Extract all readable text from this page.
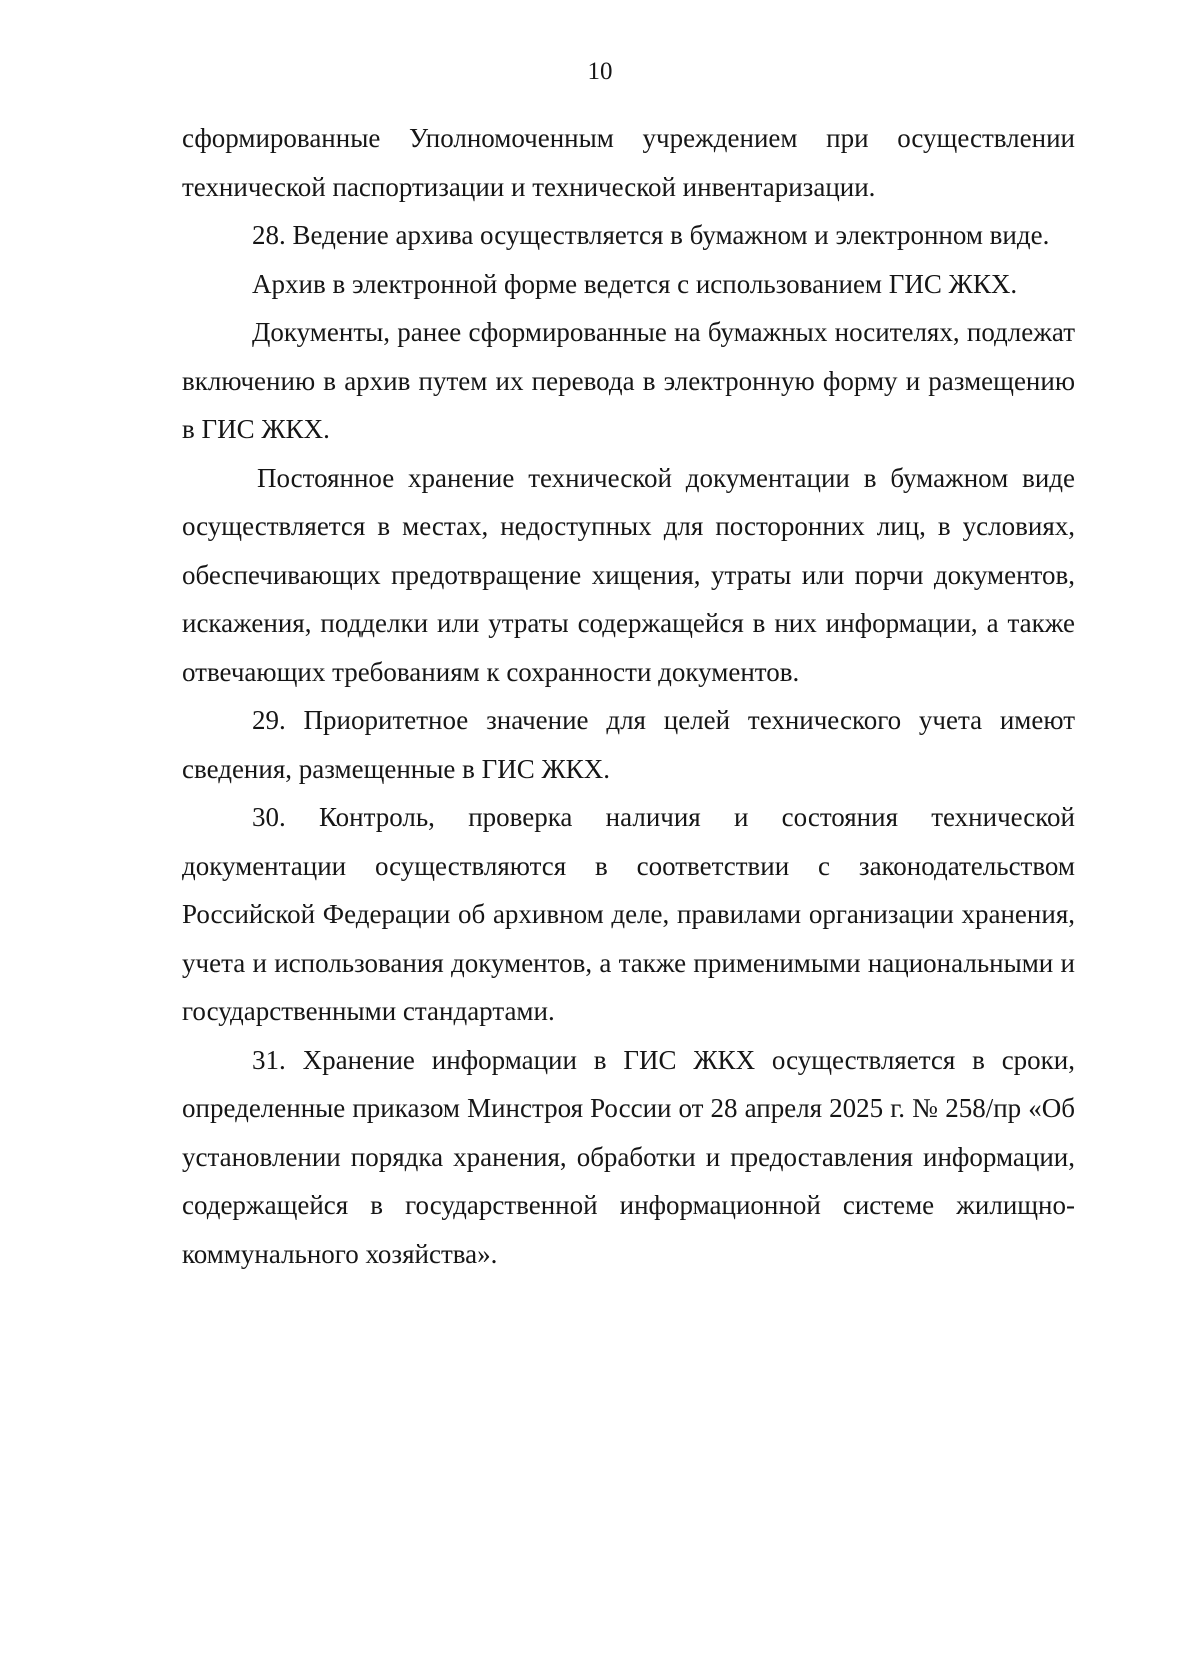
10

сформированные Уполномоченным учреждением при осуществлении технической паспортизации и технической инвентаризации.

28. Ведение архива осуществляется в бумажном и электронном виде.

Архив в электронной форме ведется с использованием ГИС ЖКХ.

Документы, ранее сформированные на бумажных носителях, подлежат включению в архив путем их перевода в электронную форму и размещению в ГИС ЖКХ.

Постоянное хранение технической документации в бумажном виде осуществляется в местах, недоступных для посторонних лиц, в условиях, обеспечивающих предотвращение хищения, утраты или порчи документов, искажения, подделки или утраты содержащейся в них информации, а также отвечающих требованиям к сохранности документов.

29. Приоритетное значение для целей технического учета имеют сведения, размещенные в ГИС ЖКХ.

30. Контроль, проверка наличия и состояния технической документации осуществляются в соответствии с законодательством Российской Федерации об архивном деле, правилами организации хранения, учета и использования документов, а также применимыми национальными и государственными стандартами.

31. Хранение информации в ГИС ЖКХ осуществляется в сроки, определенные приказом Минстроя России от 28 апреля 2025 г. № 258/пр «Об установлении порядка хранения, обработки и предоставления информации, содержащейся в государственной информационной системе жилищно-коммунального хозяйства».
